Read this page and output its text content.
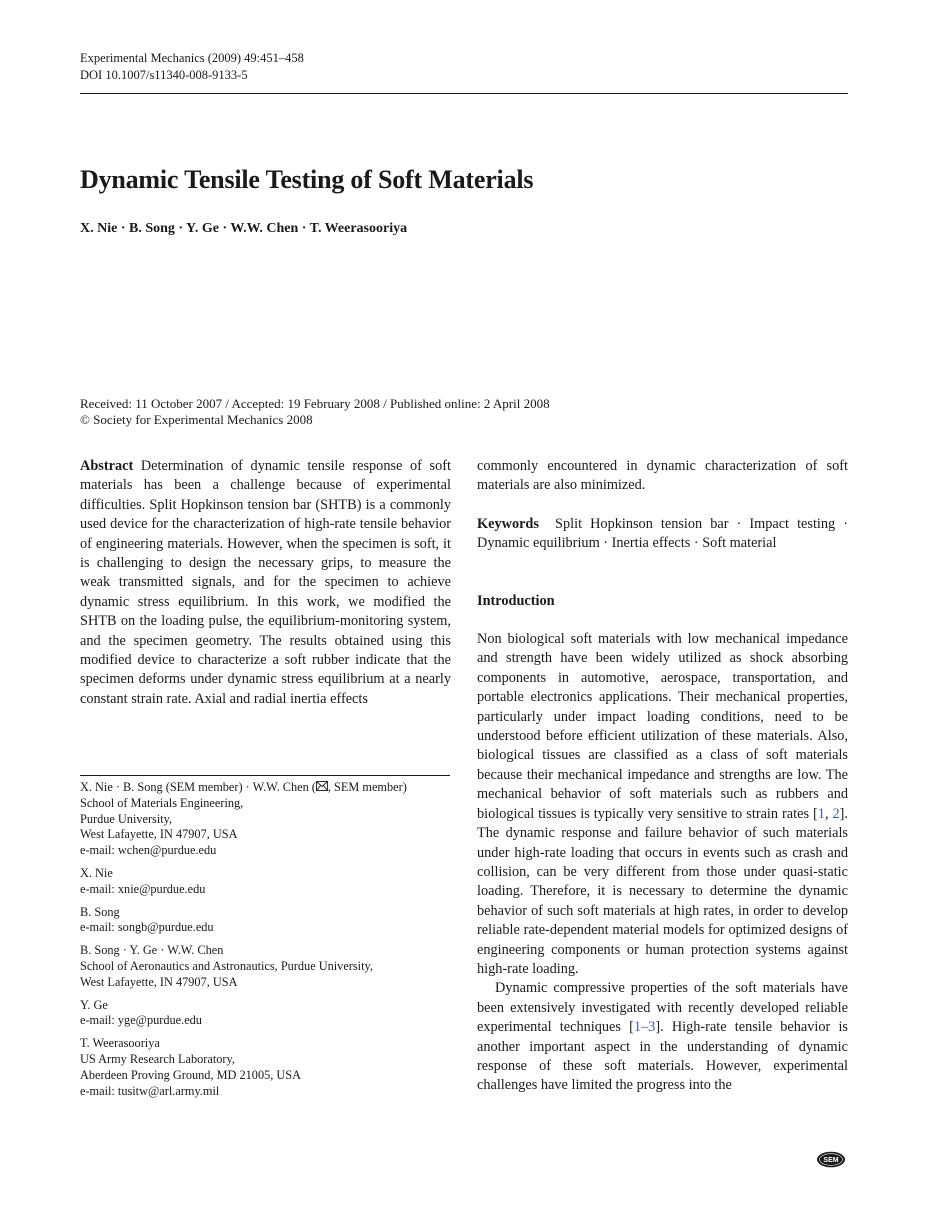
Experimental Mechanics (2009) 49:451–458
DOI 10.1007/s11340-008-9133-5
Dynamic Tensile Testing of Soft Materials
X. Nie · B. Song · Y. Ge · W.W. Chen · T. Weerasooriya
Received: 11 October 2007 / Accepted: 19 February 2008 / Published online: 2 April 2008
© Society for Experimental Mechanics 2008

Abstract Determination of dynamic tensile response of soft materials has been a challenge because of experimental difficulties. Split Hopkinson tension bar (SHTB) is a commonly used device for the characterization of high-rate tensile behavior of engineering materials. However, when the specimen is soft, it is challenging to design the necessary grips, to measure the weak transmitted signals, and for the specimen to achieve dynamic stress equilibrium. In this work, we modified the SHTB on the loading pulse, the equilibrium-monitoring system, and the specimen geometry. The results obtained using this modified device to characterize a soft rubber indicate that the specimen deforms under dynamic stress equilibrium at a nearly constant strain rate. Axial and radial inertia effects

X. Nie · B. Song (SEM member) · W.W. Chen ( , SEM member)
School of Materials Engineering,
Purdue University,
West Lafayette, IN 47907, USA
e-mail: wchen@purdue.edu
X. Nie
e-mail: xnie@purdue.edu
B. Song
e-mail: songb@purdue.edu
B. Song · Y. Ge · W.W. Chen
School of Aeronautics and Astronautics, Purdue University,
West Lafayette, IN 47907, USA
Y. Ge
e-mail: yge@purdue.edu
T. Weerasooriya
US Army Research Laboratory,
Aberdeen Proving Ground, MD 21005, USA
e-mail: tusitw@arl.army.mil

commonly encountered in dynamic characterization of soft materials are also minimized.

Keywords Split Hopkinson tension bar · Impact testing · Dynamic equilibrium · Inertia effects · Soft material

Introduction

Non biological soft materials with low mechanical impedance and strength have been widely utilized as shock absorbing components in automotive, aerospace, transportation, and portable electronics applications. Their mechanical properties, particularly under impact loading conditions, need to be understood before efficient utilization of these materials. Also, biological tissues are classified as a class of soft materials because their mechanical impedance and strengths are low. The mechanical behavior of soft materials such as rubbers and biological tissues is typically very sensitive to strain rates [1, 2]. The dynamic response and failure behavior of such materials under high-rate loading that occurs in events such as crash and collision, can be very different from those under quasi-static loading. Therefore, it is necessary to determine the dynamic behavior of such soft materials at high rates, in order to develop reliable rate-dependent material models for optimized designs of engineering components or human protection systems against high-rate loading.

Dynamic compressive properties of the soft materials have been extensively investigated with recently developed reliable experimental techniques [1–3]. High-rate tensile behavior is another important aspect in the understanding of dynamic response of these soft materials. However, experimental challenges have limited the progress into the

SEM
